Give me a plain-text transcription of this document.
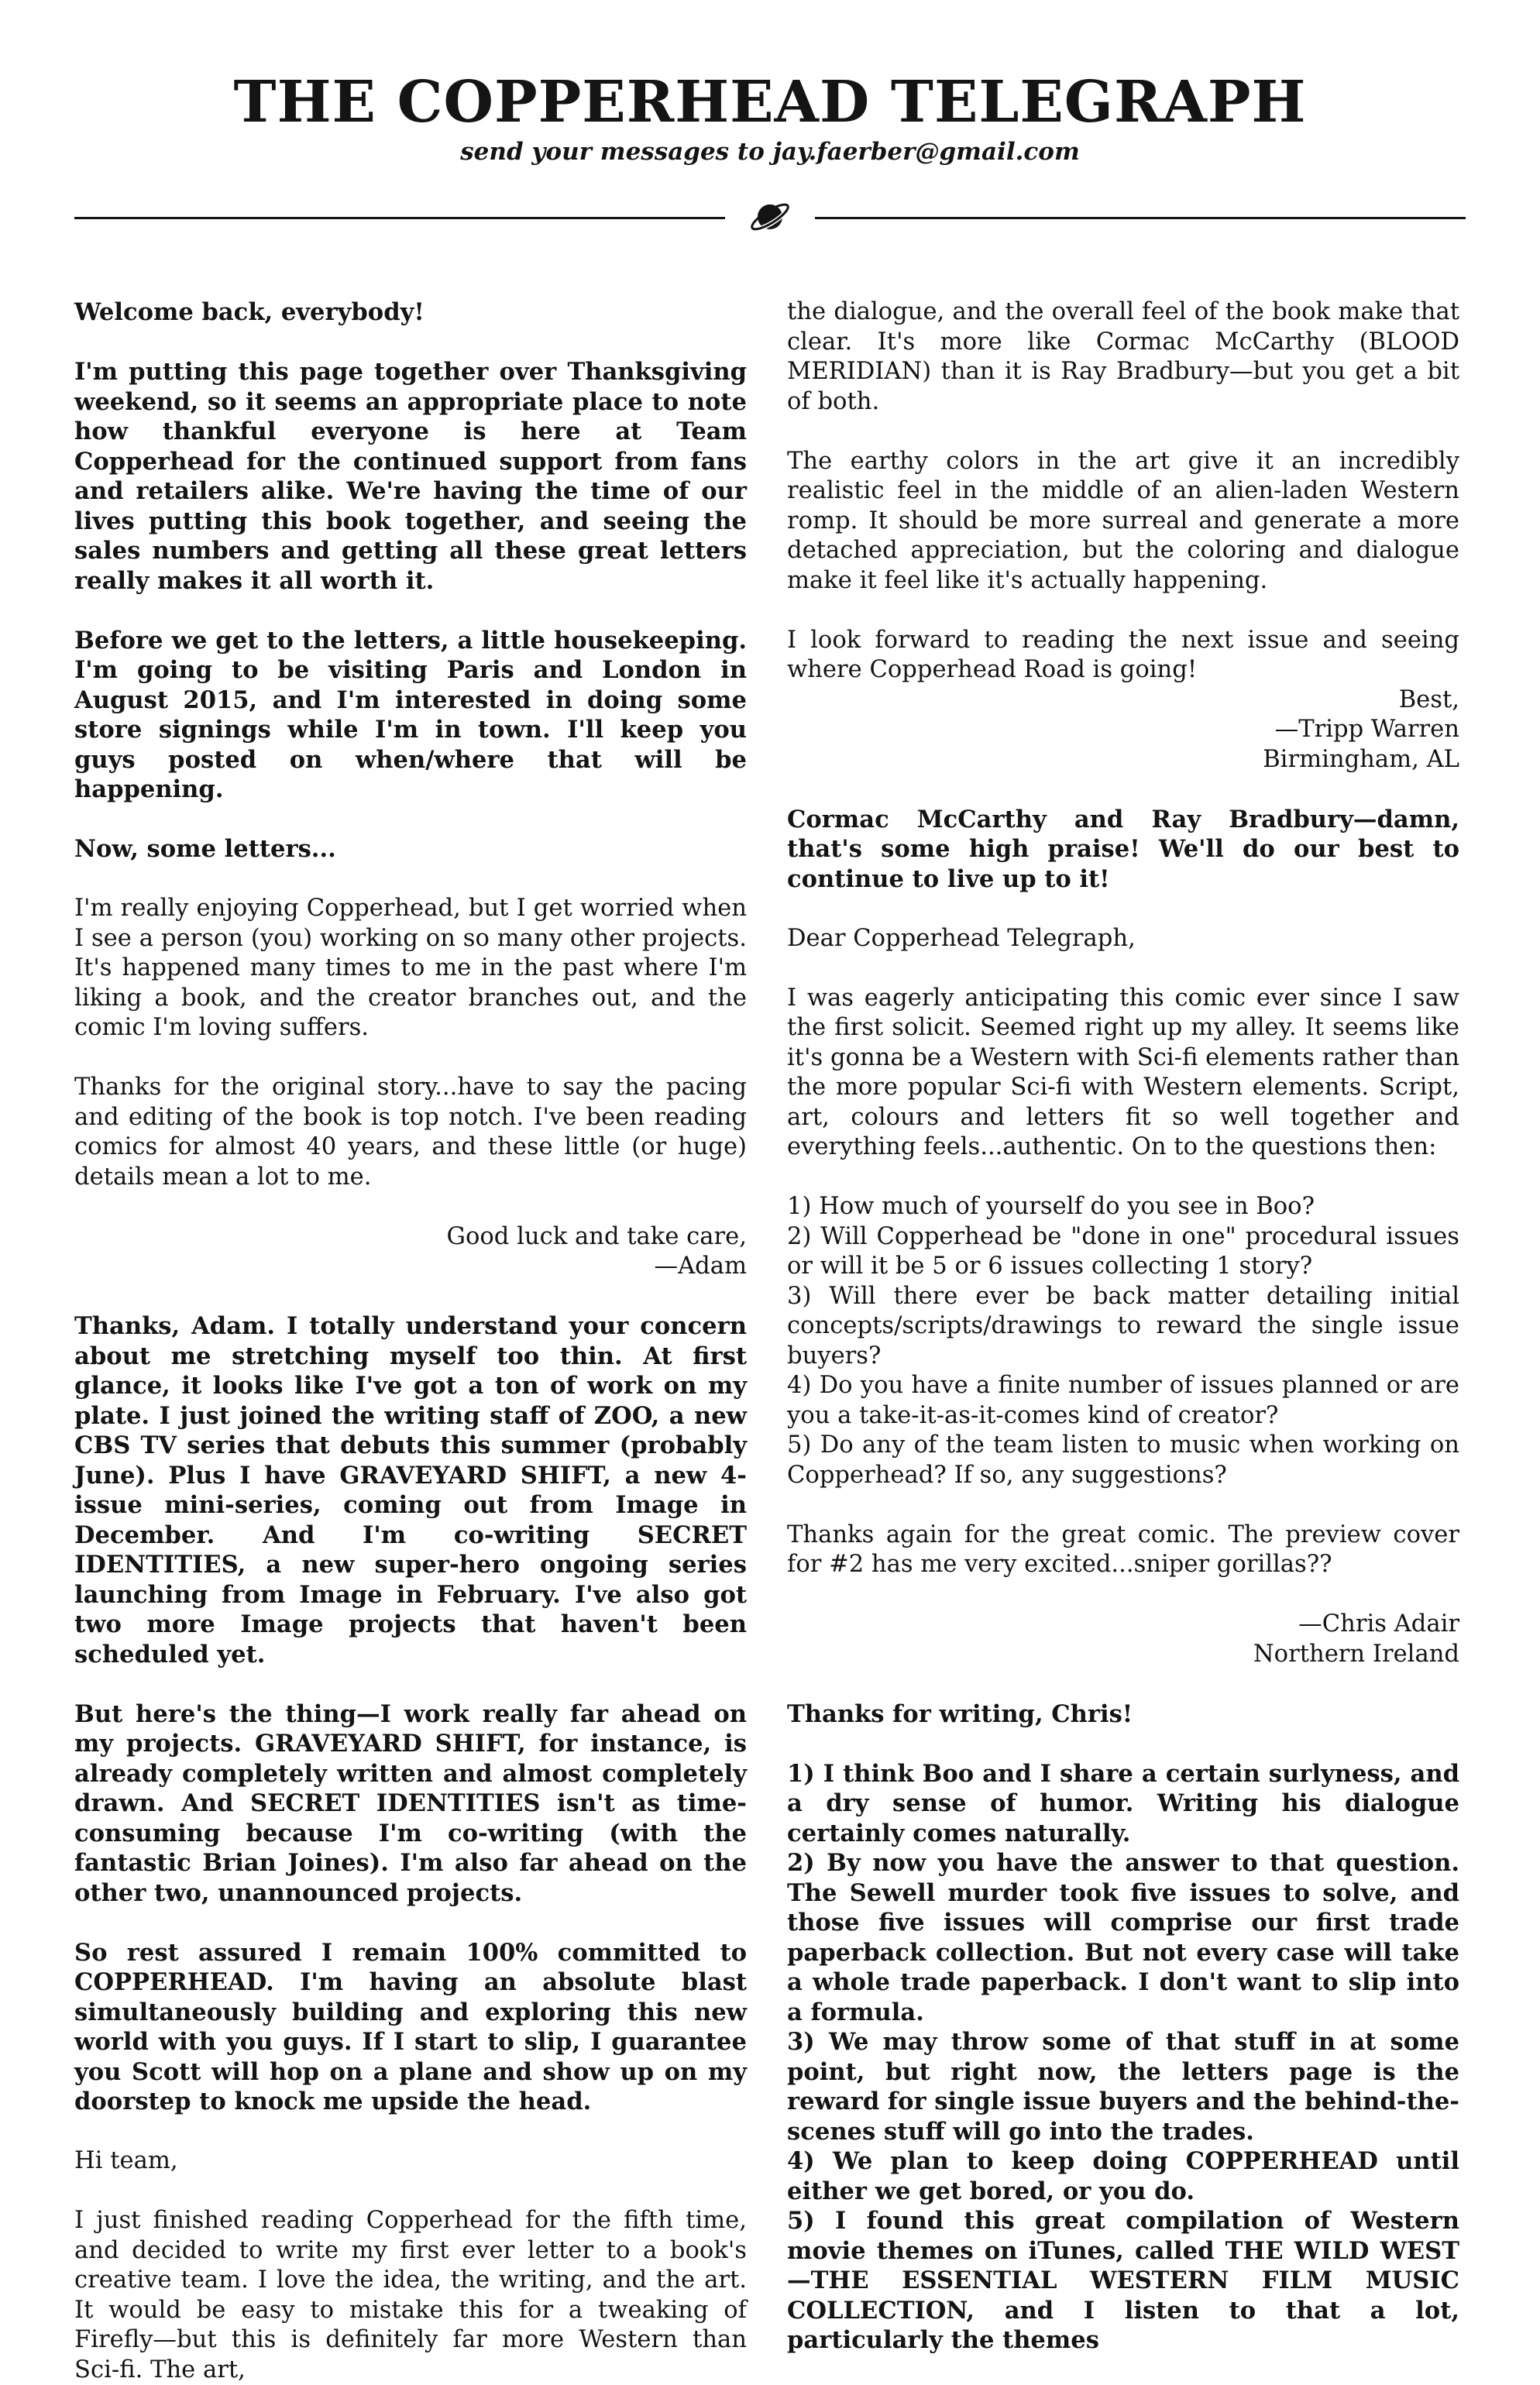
THE COPPERHEAD TELEGRAPH
send your messages to jay.faerber@gmail.com

Welcome back, everybody!

I'm putting this page together over Thanksgiving weekend, so it seems an appropriate place to note how thankful everyone is here at Team Copperhead for the continued support from fans and retailers alike. We're having the time of our lives putting this book together, and seeing the sales numbers and getting all these great letters really makes it all worth it.

Before we get to the letters, a little housekeeping. I'm going to be visiting Paris and London in August 2015, and I'm interested in doing some store signings while I'm in town. I'll keep you guys posted on when/where that will be happening.

Now, some letters...

I'm really enjoying Copperhead, but I get worried when I see a person (you) working on so many other projects. It's happened many times to me in the past where I'm liking a book, and the creator branches out, and the comic I'm loving suffers.

Thanks for the original story...have to say the pacing and editing of the book is top notch. I've been reading comics for almost 40 years, and these little (or huge) details mean a lot to me.

Good luck and take care,
—Adam

Thanks, Adam. I totally understand your concern about me stretching myself too thin. At first glance, it looks like I've got a ton of work on my plate. I just joined the writing staff of ZOO, a new CBS TV series that debuts this summer (probably June). Plus I have GRAVEYARD SHIFT, a new 4-issue mini-series, coming out from Image in December. And I'm co-writing SECRET IDENTITIES, a new super-hero ongoing series launching from Image in February. I've also got two more Image projects that haven't been scheduled yet.

But here's the thing—I work really far ahead on my projects. GRAVEYARD SHIFT, for instance, is already completely written and almost completely drawn. And SECRET IDENTITIES isn't as time-consuming because I'm co-writing (with the fantastic Brian Joines). I'm also far ahead on the other two, unannounced projects.

So rest assured I remain 100% committed to COPPERHEAD. I'm having an absolute blast simultaneously building and exploring this new world with you guys. If I start to slip, I guarantee you Scott will hop on a plane and show up on my doorstep to knock me upside the head.

Hi team,

I just finished reading Copperhead for the fifth time, and decided to write my first ever letter to a book's creative team. I love the idea, the writing, and the art. It would be easy to mistake this for a tweaking of Firefly—but this is definitely far more Western than Sci-fi. The art,

the dialogue, and the overall feel of the book make that clear. It's more like Cormac McCarthy (BLOOD MERIDIAN) than it is Ray Bradbury—but you get a bit of both.

The earthy colors in the art give it an incredibly realistic feel in the middle of an alien-laden Western romp. It should be more surreal and generate a more detached appreciation, but the coloring and dialogue make it feel like it's actually happening.

I look forward to reading the next issue and seeing where Copperhead Road is going!

Best,
—Tripp Warren
Birmingham, AL

Cormac McCarthy and Ray Bradbury—damn, that's some high praise! We'll do our best to continue to live up to it!

Dear Copperhead Telegraph,

I was eagerly anticipating this comic ever since I saw the first solicit. Seemed right up my alley. It seems like it's gonna be a Western with Sci-fi elements rather than the more popular Sci-fi with Western elements. Script, art, colours and letters fit so well together and everything feels...authentic. On to the questions then:

1) How much of yourself do you see in Boo?
2) Will Copperhead be "done in one" procedural issues or will it be 5 or 6 issues collecting 1 story?
3) Will there ever be back matter detailing initial concepts/scripts/drawings to reward the single issue buyers?
4) Do you have a finite number of issues planned or are you a take-it-as-it-comes kind of creator?
5) Do any of the team listen to music when working on Copperhead? If so, any suggestions?

Thanks again for the great comic. The preview cover for #2 has me very excited...sniper gorillas??

—Chris Adair
Northern Ireland

Thanks for writing, Chris!

1) I think Boo and I share a certain surlyness, and a dry sense of humor. Writing his dialogue certainly comes naturally.
2) By now you have the answer to that question. The Sewell murder took five issues to solve, and those five issues will comprise our first trade paperback collection. But not every case will take a whole trade paperback. I don't want to slip into a formula.
3) We may throw some of that stuff in at some point, but right now, the letters page is the reward for single issue buyers and the behind-the-scenes stuff will go into the trades.
4) We plan to keep doing COPPERHEAD until either we get bored, or you do.
5) I found this great compilation of Western movie themes on iTunes, called THE WILD WEST—THE ESSENTIAL WESTERN FILM MUSIC COLLECTION, and I listen to that a lot, particularly the themes
